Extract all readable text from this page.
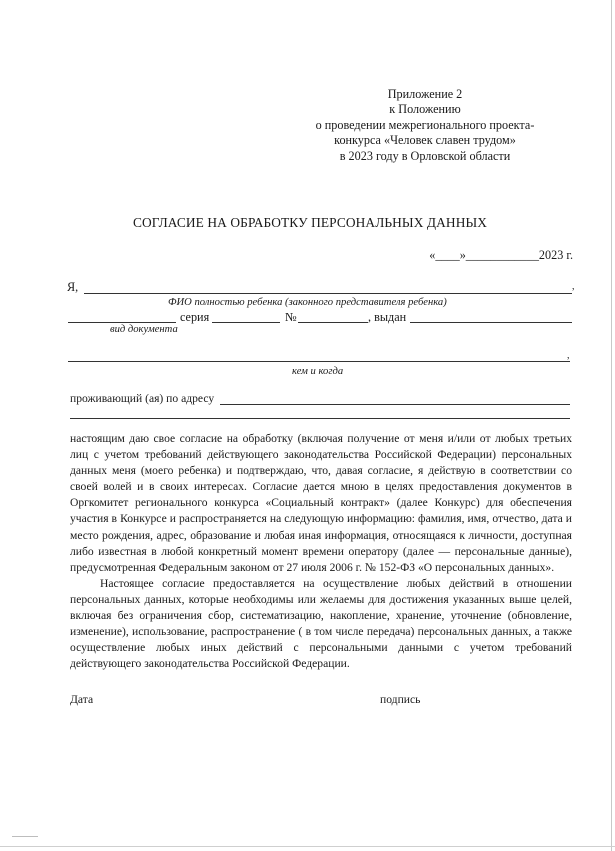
Приложение 2
к Положению
о проведении межрегионального проекта-
конкурса «Человек славен трудом»
в 2023 году в Орловской области
СОГЛАСИЕ НА ОБРАБОТКУ ПЕРСОНАЛЬНЫХ ДАННЫХ
«____»____________2023 г.
Я,	,
ФИО полностью ребенка (законного представителя ребенка)
серия	№	, выдан
вид документа
,
кем и когда
проживающий (ая) по адресу

настоящим даю свое согласие на обработку (включая получение от меня и/или от любых третьих лиц с учетом требований действующего законодательства Российской Федерации) персональных данных меня (моего ребенка) и подтверждаю, что, давая согласие, я действую в соответствии со своей волей и в своих интересах. Согласие дается мною в целях предоставления документов в Оргкомитет регионального конкурса «Социальный контракт» (далее Конкурс) для обеспечения участия в Конкурсе и распространяется на следующую информацию: фамилия, имя, отчество, дата и место рождения, адрес, образование и любая иная информация, относящаяся к личности, доступная либо известная в любой конкретный момент времени оператору (далее — персональные данные), предусмотренная Федеральным законом от 27 июля 2006 г. № 152-ФЗ «О персональных данных».

Настоящее согласие предоставляется на осуществление любых действий в отношении персональных данных, которые необходимы или желаемы для достижения указанных выше целей, включая без ограничения сбор, систематизацию, накопление, хранение, уточнение (обновление, изменение), использование, распространение ( в том числе передача) персональных данных, а также осуществление любых иных действий с персональными данными с учетом требований действующего законодательства Российской Федерации.

Дата	подпись
